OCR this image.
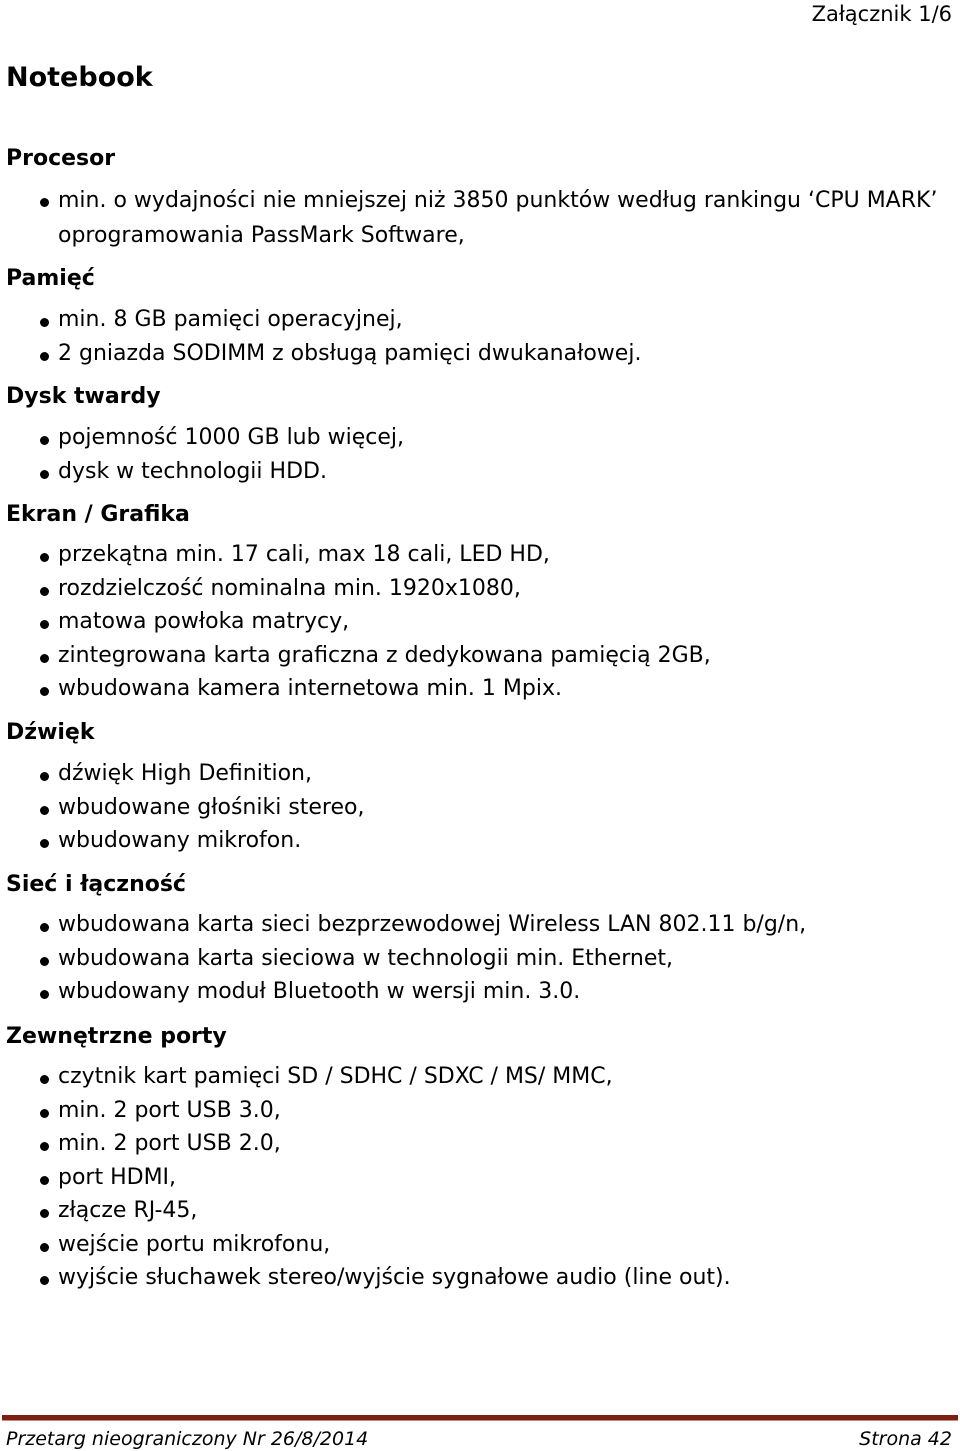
Załącznik 1/6
Notebook
Procesor
min. o wydajności nie mniejszej niż 3850 punktów według rankingu ‘CPU MARK’ oprogramowania PassMark Software,
Pamięć
min. 8 GB pamięci operacyjnej,
2 gniazda SODIMM z obsługą pamięci dwukanałowej.
Dysk twardy
pojemność 1000 GB lub więcej,
dysk w technologii HDD.
Ekran / Grafika
przekątna min. 17 cali, max 18 cali, LED HD,
rozdzielczość nominalna min. 1920x1080,
matowa powłoka matrycy,
zintegrowana karta graficzna z dedykowana pamięcią 2GB,
wbudowana kamera internetowa min. 1 Mpix.
Dźwięk
dźwięk High Definition,
wbudowane głośniki stereo,
wbudowany mikrofon.
Sieć i łączność
wbudowana karta sieci bezprzewodowej Wireless LAN 802.11 b/g/n,
wbudowana karta sieciowa w technologii min. Ethernet,
wbudowany moduł Bluetooth w wersji min. 3.0.
Zewnętrzne porty
czytnik kart pamięci SD / SDHC / SDXC / MS/ MMC,
min. 2 port USB 3.0,
min. 2 port USB 2.0,
port HDMI,
złącze RJ-45,
wejście portu mikrofonu,
wyjście słuchawek stereo/wyjście sygnałowe audio (line out).
Przetarg nieograniczony Nr 26/8/2014	Strona 42
